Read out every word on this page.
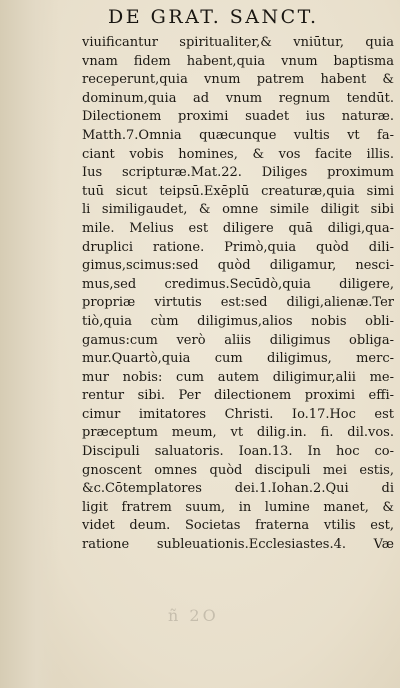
DE GRAT. SANCT.
viuificantur spiritualiter,& vniūtur, quia
vnam fidem habent,quia vnum baptisma
receperunt,quia vnum patrem habent &
dominum,quia ad vnum regnum tendūt.
Dilectionem proximi suadet ius naturæ.
Matth.7.Omnia quæcunque vultis vt fa-
ciant vobis homines, & vos facite illis.
Ius scripturæ.Mat.22. Diliges proximum
tuū sicut teipsū.Exēplū creaturæ,quia simi
li similigaudet, & omne simile diligit sibi
mile. Melius est diligere quā diligi,qua-
druplici ratione. Primò,quia quòd dili-
gimus,scimus:sed quòd diligamur, nesci-
mus,sed credimus.Secūdò,quia diligere,
propriæ virtutis est:sed diligi,alienæ.Ter
tiò,quia cùm diligimus,alios nobis obli-
gamus:cum verò aliis diligimus obliga-
mur.Quartò,quia cum diligimus, merc-
mur nobis: cum autem diligimur,alii me-
rentur sibi. Per dilectionem proximi effi-
cimur imitatores Christi. Io.17.Hoc est
præceptum meum, vt dilig.in. fi. dil.vos.
Discipuli saluatoris. Ioan.13. In hoc co-
gnoscent omnes quòd discipuli mei estis,
&c.Cōtemplatores dei.1.Iohan.2.Qui di
ligit fratrem suum, in lumine manet, &
videt deum. Societas fraterna vtilis est,
ratione subleuationis.Ecclesiastes.4. Væ
ñ 2O
